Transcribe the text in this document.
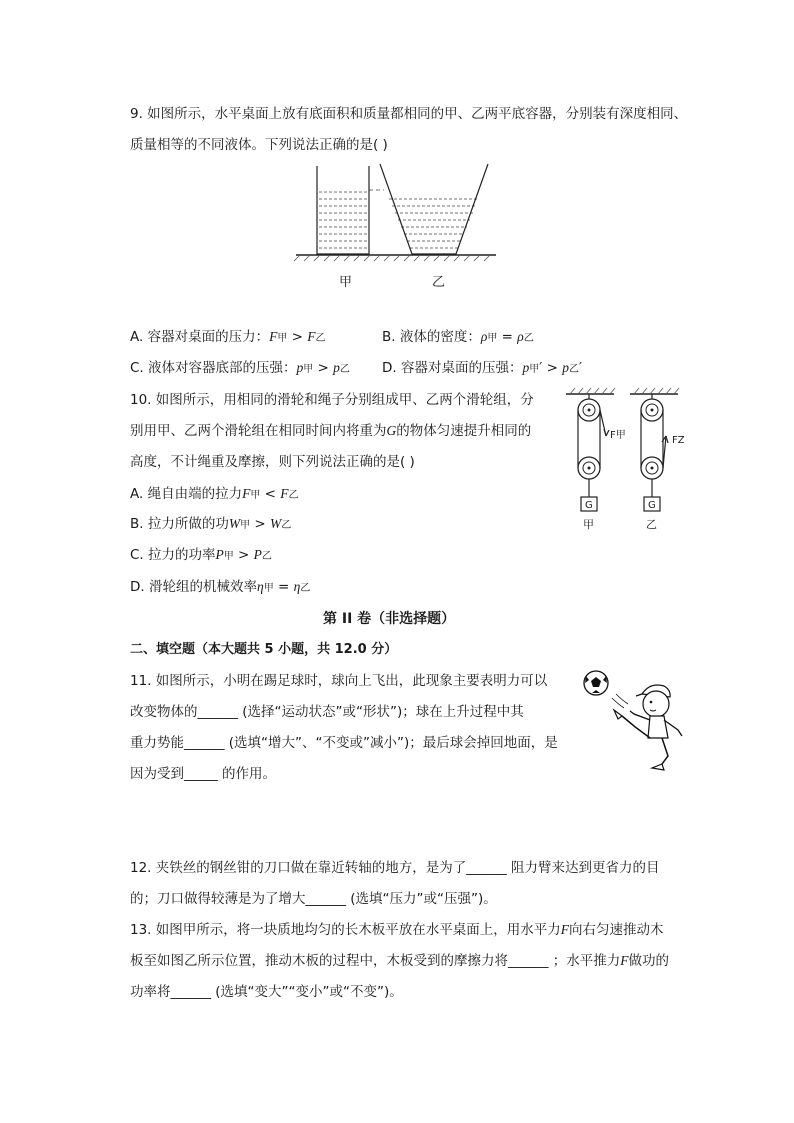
9. 如图所示，水平桌面上放有底面积和质量都相同的甲、乙两平底容器，分别装有深度相同、
质量相等的不同液体。下列说法正确的是( )
甲	乙
A. 容器对桌面的压力：F甲 > F乙	B. 液体的密度：ρ甲 = ρ乙
C. 液体对容器底部的压强：p甲 > p乙 D. 容器对桌面的压强：p甲′ > p乙′
10. 如图所示，用相同的滑轮和绳子分别组成甲、乙两个滑轮组，分
别用甲、乙两个滑轮组在相同时间内将重为G的物体匀速提升相同的
高度，不计绳重及摩擦，则下列说法正确的是( )
A. 绳自由端的拉力F甲 < F乙
B. 拉力所做的功W甲 > W乙
C. 拉力的功率P甲 > P乙
D. 滑轮组的机械效率η甲 = η乙
F甲	FZ
G	G
甲	乙
第 II 卷（非选择题）
二、填空题（本大题共 5 小题，共 12.0 分）
11. 如图所示，小明在踢足球时，球向上飞出，此现象主要表明力可以
改变物体的______ (选择“运动状态”或“形状”)；球在上升过程中其
重力势能______ (选填“增大”、“不变或”减小”)；最后球会掉回地面，是
因为受到_____ 的作用。
12. 夹铁丝的钢丝钳的刀口做在靠近转轴的地方，是为了______ 阻力臂来达到更省力的目
的；刀口做得较薄是为了增大______ (选填“压力”或“压强”)。
13. 如图甲所示，将一块质地均匀的长木板平放在水平桌面上，用水平力F向右匀速推动木
板至如图乙所示位置，推动木板的过程中，木板受到的摩擦力将______ ；水平推力F做功的
功率将______ (选填“变大”“变小”或“不变”)。
